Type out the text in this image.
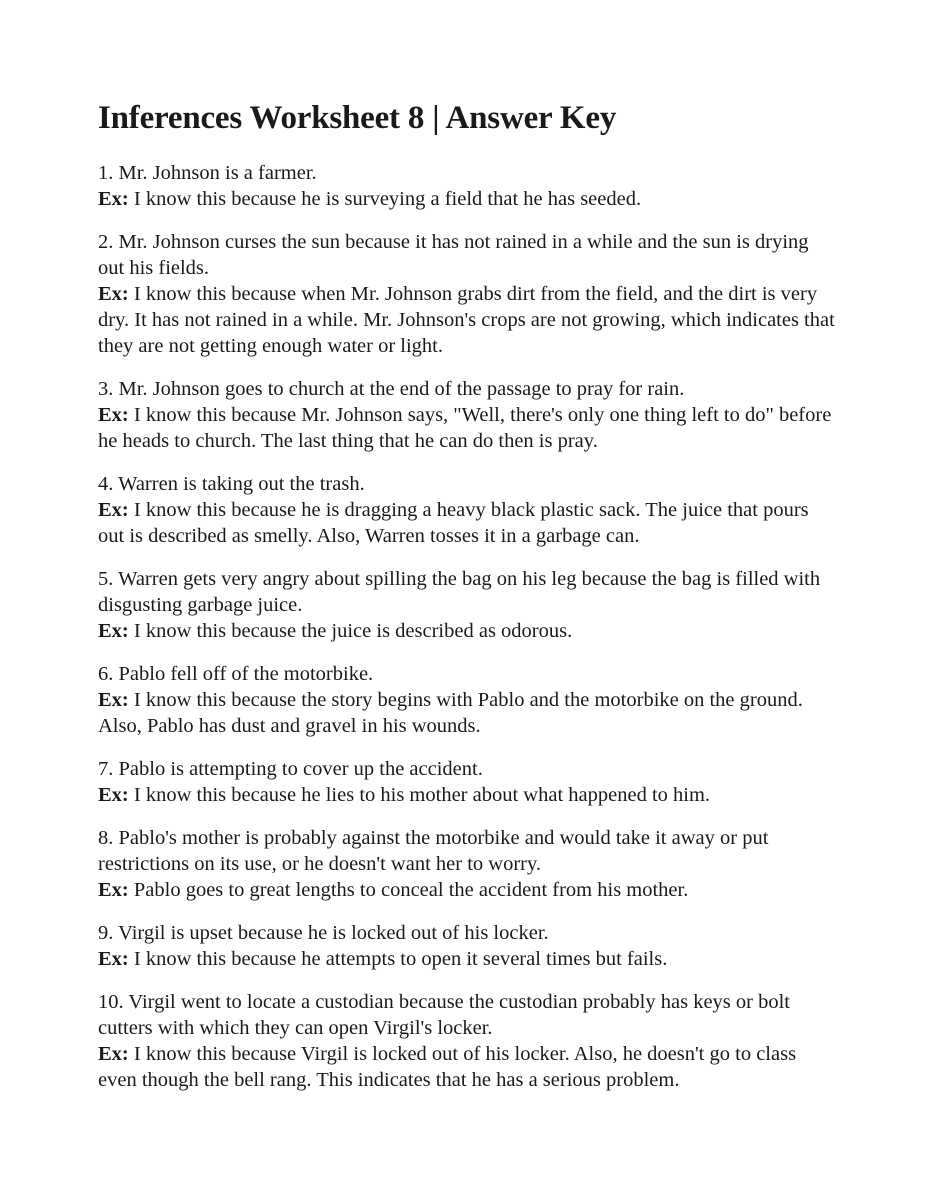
Inferences Worksheet 8 | Answer Key

1. Mr. Johnson is a farmer.

Ex: I know this because he is surveying a field that he has seeded.

2. Mr. Johnson curses the sun because it has not rained in a while and the sun is drying out his fields.

Ex: I know this because when Mr. Johnson grabs dirt from the field, and the dirt is very dry. It has not rained in a while. Mr. Johnson's crops are not growing, which indicates that they are not getting enough water or light.

3. Mr. Johnson goes to church at the end of the passage to pray for rain.

Ex: I know this because Mr. Johnson says, "Well, there's only one thing left to do" before he heads to church. The last thing that he can do then is pray.

4. Warren is taking out the trash.

Ex: I know this because he is dragging a heavy black plastic sack. The juice that pours out is described as smelly. Also, Warren tosses it in a garbage can.

5. Warren gets very angry about spilling the bag on his leg because the bag is filled with disgusting garbage juice.

Ex: I know this because the juice is described as odorous.

6. Pablo fell off of the motorbike.

Ex: I know this because the story begins with Pablo and the motorbike on the ground. Also, Pablo has dust and gravel in his wounds.

7. Pablo is attempting to cover up the accident.

Ex: I know this because he lies to his mother about what happened to him.

8. Pablo's mother is probably against the motorbike and would take it away or put restrictions on its use, or he doesn't want her to worry.

Ex: Pablo goes to great lengths to conceal the accident from his mother.

9. Virgil is upset because he is locked out of his locker.

Ex: I know this because he attempts to open it several times but fails.

10. Virgil went to locate a custodian because the custodian probably has keys or bolt cutters with which they can open Virgil's locker.

Ex: I know this because Virgil is locked out of his locker. Also, he doesn't go to class even though the bell rang. This indicates that he has a serious problem.
